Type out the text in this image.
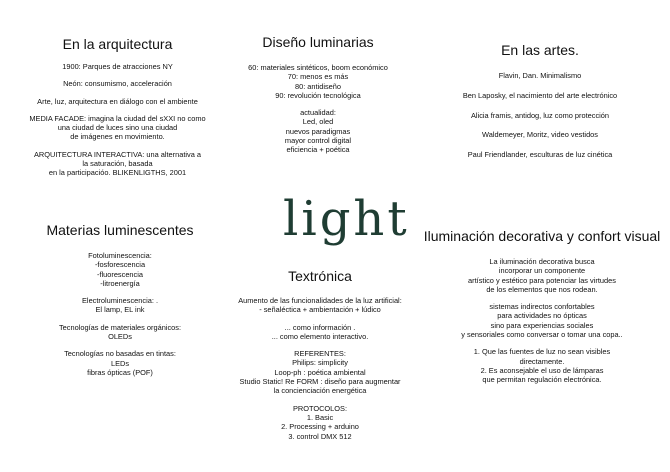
En la arquitectura

1900: Parques de atracciones NY

Neón: consumismo, acceleración

Arte, luz, arquitectura en diálogo con el ambiente

MEDIA FACADE: imagina la ciudad del sXXI no como
una ciudad de luces sino una ciudad
de imágenes en movimiento.

ARQUITECTURA INTERACTIVA: una alternativa a
la saturación, basada
en la participacióo. BLIKENLIGTHS, 2001

Diseño luminarias

60: materiales sintéticos, boom económico
70: menos es más
80: antidiseño
90: revolución tecnológica

actualidad:
Led, oled
nuevos paradigmas
mayor control digital
eficiencia + poética

En las artes.

Flavin, Dan. Minimalismo

Ben Laposky, el nacimiento del arte electrónico

Alicia framis, antidog, luz como protección

Waldemeyer, Moritz, video vestidos

Paul Friendlander, esculturas de luz cinética

light
Materias luminescentes

Fotoluminescencia:
-fosforescencia
-fluorescencia
-litroenergía

Electroluminescencia: .
El lamp, EL ink

Tecnologías de materiales orgánicos:
OLEDs

Tecnologías no basadas en tintas:
LEDs
fibras ópticas (POF)

Textrónica

Aumento de las funcionalidades de la luz artificial:
- señaléctica + ambientación + lúdico

... como información .
... como elemento interactivo.

REFERENTES:
Philips: simplicity
Loop-ph : poética ambiental
Studio Static! Re FORM : diseño para augmentar
la concienciación energética

PROTOCOLOS:
1. Basic
2. Processing + arduino
3. control DMX 512

Iluminación decorativa y confort visual

La iluminación decorativa busca
incorporar un componente
artístico y estético para potenciar las virtudes
de los elementos que nos rodean.

sistemas indirectos confortables
para actividades no ópticas
sino para experiencias sociales
y sensoriales como conversar o tomar una copa..

1. Que las fuentes de luz no sean visibles
directamente.
2. Es aconsejable el uso de lámparas
que permitan regulación electrónica.
